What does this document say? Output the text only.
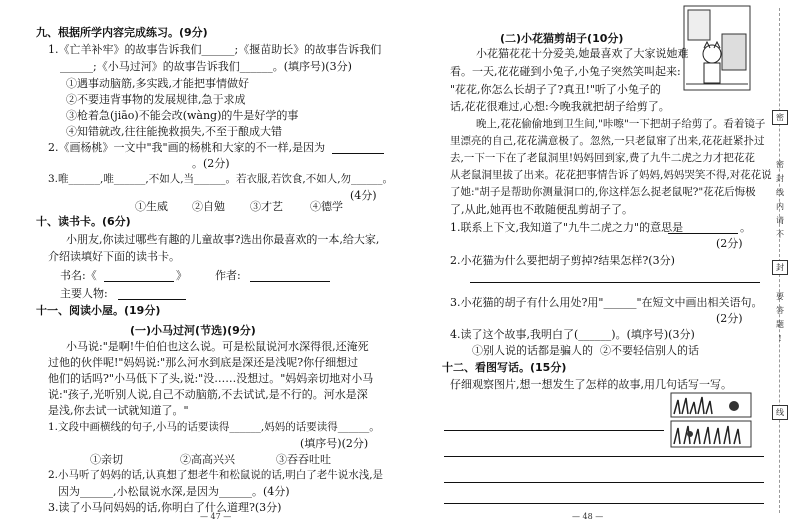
九、根据所学内容完成练习。(9分)
1.《亡羊补牢》的故事告诉我们______;《揠苗助长》的故事告诉我们
______;《小马过河》的故事告诉我们______。(填序号)(3分)
①遇事动脑筋,多实践,才能把事情做好
②不要违背事物的发展规律,急于求成
③枪着急(jiāo)不能会改(wàng)的牛是好学的事
④知错就改,往往能挽救损失,不至于酿成大错
2.《画杨桃》一文中"我"画的杨桃和大家的不一样,是因为
。(2分)
3.唯______,唯______,不如人,当______。若衣服,若饮食,不如人,勿______。
(4分)
①生威 ②自勉 ③才艺 ④德学
十、读书卡。(6分)
小朋友,你读过哪些有趣的儿童故事?选出你最喜欢的一本,给大家,
介绍读填好下面的读书卡。
书名:《	》	作者:
主要人物:
十一、阅读小屋。(19分)
(一)小马过河(节选)(9分)
小马说:"是啊!牛伯伯也这么说。可是松鼠说河水深得很,还淹死
过他的伙伴呢!"妈妈说:"那么河水到底是深还是浅呢?你仔细想过
他们的话吗?"小马低下了头,说:"没……没想过。"妈妈亲切地对小马
说:"孩子,光听别人说,自己不动脑筋,不去试试,是不行的。河水是深
是浅,你去试一试就知道了。"
1.文段中画横线的句子,小马的话要读得______,妈妈的话要读得______。
(填序号)(2分)
①亲切	②高高兴兴	③吞吞吐吐
2.小马听了妈妈的话,认真想了想老牛和松鼠说的话,明白了老牛说水浅,是
因为______,小松鼠说水深,是因为______。(4分)
3.读了小马问妈妈的话,你明白了什么道理?(3分)
— 47 —
(二)小花猫剪胡子(10分)
小花猫花花十分爱美,她最喜欢了大家说她难
看。一天,花花碰到小兔子,小兔子突然笑叫起来:
"花花,你怎么长胡子了?真丑!"听了小兔子的
话,花花很难过,心想:今晚我就把胡子给剪了。
晚上,花花偷偷地到卫生间,"咔嚓"一下把胡子给剪了。看着镜子
里漂亮的自己,花花满意极了。忽然,一只老鼠窜了出来,花花赶紧扑过
去,一下一下在了老鼠洞里!妈妈回到家,费了九牛二虎之力才把花花
从老鼠洞里拔了出来。花花把事情告诉了妈妈,妈妈哭笑不得,对花花说
了她:"胡子是帮助你测量洞口的,你这样怎么捉老鼠呢?"花花后悔极
了,从此,她再也不敢随便乱剪胡子了。
1.联系上下文,我知道了"九牛二虎之力"的意思是	。
(2分)
2.小花猫为什么要把胡子剪掉?结果怎样?(3分)
3.小花猫的胡子有什么用处?用"______"在短文中画出相关语句。
(2分)
4.读了这个故事,我明白了(______)。(填序号)(3分)
①别人说的话都是骗人的 ②不要轻信别人的话
十二、看图写话。(15分)
仔细观察图片,想一想发生了怎样的故事,用几句话写一写。
— 48 —
密
封
线
密
封
线
内
请
不
要
答
题
!
